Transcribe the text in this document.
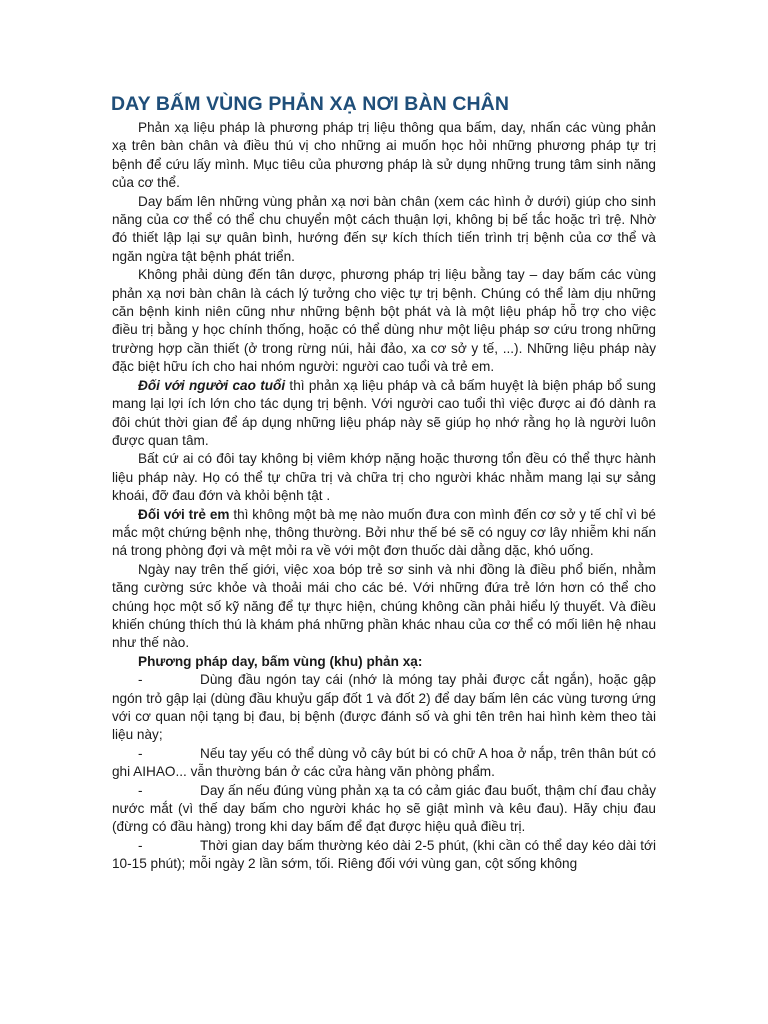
DAY BẤM VÙNG PHẢN XẠ NƠI BÀN CHÂN

Phản xạ liệu pháp là phương pháp trị liệu thông qua bấm, day, nhấn các vùng phản xạ trên bàn chân và điều thú vị cho những ai muốn học hỏi những phương pháp tự trị bệnh để cứu lấy mình. Mục tiêu của phương pháp là sử dụng những trung tâm sinh năng của cơ thể.

Day bấm lên những vùng phản xạ nơi bàn chân (xem các hình ở dưới) giúp cho sinh năng của cơ thể có thể chu chuyển một cách thuận lợi, không bị bế tắc hoặc trì trệ. Nhờ đó thiết lập lại sự quân bình, hướng đến sự kích thích tiến trình trị bệnh của cơ thể và ngăn ngừa tật bệnh phát triển.

Không phải dùng đến tân dược, phương pháp trị liệu bằng tay – day bấm các vùng phản xạ nơi bàn chân là cách lý tưởng cho việc tự trị bệnh. Chúng có thể làm dịu những căn bệnh kinh niên cũng như những bệnh bột phát và là một liệu pháp hỗ trợ cho việc điều trị bằng y học chính thống, hoặc có thể dùng như một liệu pháp sơ cứu trong những trường hợp cần thiết (ở trong rừng núi, hải đảo, xa cơ sở y tế, ...). Những liệu pháp này đặc biệt hữu ích cho hai nhóm người: người cao tuổi và trẻ em.

Đối với người cao tuổi thì phản xạ liệu pháp và cả bấm huyệt là biện pháp bổ sung mang lại lợi ích lớn cho tác dụng trị bệnh. Với người cao tuổi thì việc được ai đó dành ra đôi chút thời gian để áp dụng những liệu pháp này sẽ giúp họ nhớ rằng họ là người luôn được quan tâm.

Bất cứ ai có đôi tay không bị viêm khớp nặng hoặc thương tổn đều có thể thực hành liệu pháp này. Họ có thể tự chữa trị và chữa trị cho người khác nhằm mang lại sự sảng khoái, đỡ đau đớn và khỏi bệnh tật .

Đối với trẻ em thì không một bà mẹ nào muốn đưa con mình đến cơ sở y tế chỉ vì bé mắc một chứng bệnh nhẹ, thông thường. Bởi như thế bé sẽ có nguy cơ lây nhiễm khi nấn ná trong phòng đợi và mệt mỏi ra về với một đơn thuốc dài dằng dặc, khó uống.

Ngày nay trên thế giới, việc xoa bóp trẻ sơ sinh và nhi đồng là điều phổ biến, nhằm tăng cường sức khỏe và thoải mái cho các bé. Với những đứa trẻ lớn hơn có thể cho chúng học một số kỹ năng để tự thực hiện, chúng không cần phải hiểu lý thuyết. Và điều khiến chúng thích thú là khám phá những phần khác nhau của cơ thể có mối liên hệ nhau như thế nào.

Phương pháp day, bấm vùng (khu) phản xạ:

-	Dùng đầu ngón tay cái (nhớ là móng tay phải được cắt ngắn), hoặc gập ngón trỏ gập lại (dùng đầu khuỷu gấp đốt 1 và đốt 2) để day bấm lên các vùng tương ứng với cơ quan nội tạng bị đau, bị bệnh (được đánh số và ghi tên trên hai hình kèm theo tài liệu này;

-	Nếu tay yếu có thể dùng vỏ cây bút bi có chữ A hoa ở nắp, trên thân bút có ghi AIHAO... vẫn thường bán ở các cửa hàng văn phòng phẩm.

-	Day ấn nếu đúng vùng phản xạ ta có cảm giác đau buốt, thậm chí đau chảy nước mắt (vì thế day bấm cho người khác họ sẽ giật mình và kêu đau). Hãy chịu đau (đừng có đầu hàng) trong khi day bấm để đạt được hiệu quả điều trị.

-	Thời gian day bấm thường kéo dài 2-5 phút, (khi cần có thể day kéo dài tới 10-15 phút); mỗi ngày 2 lần sớm, tối. Riêng đối với vùng gan, cột sống không
